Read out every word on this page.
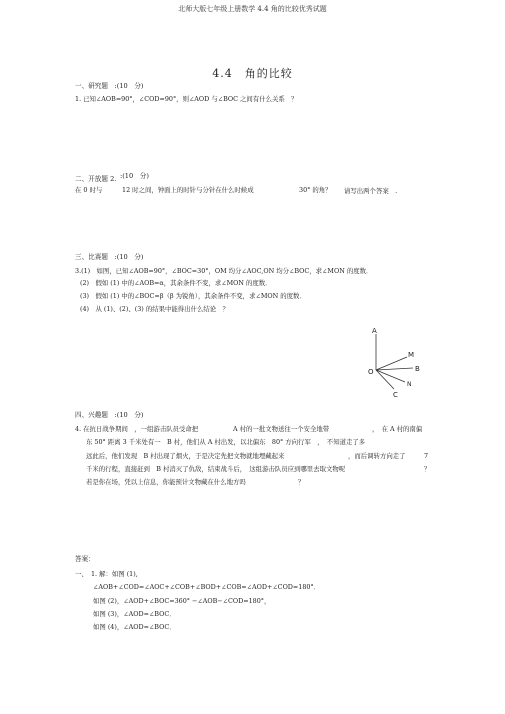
北师大版七年级上册数学 4.4 角的比较优秀试题
4.4　角的比较
一、研究题　:(10　分)
1. 已知∠AOB=90°，∠COD=90°，则∠AOD 与∠BOC 之间有什么关系　？
二、开放题 2. :(10　分)
在 0 时与	12 时之间，钟面上的时针与分针在什么时候成	30° 的角？ 请写出两个答案　.
三、比赛题　:(10　分)
3.(1)　如图，已知∠AOB=90°，∠BOC=30°，OM 均分∠AOC,ON 均分∠BOC，求∠MON 的度数．
(2)　假如 (1) 中的∠AOB=α，其余条件不变，求∠MON 的度数．
(3)　假如 (1) 中的∠BOC=β（β 为锐角），其余条件不变，求∠MON 的度数．
(4)　从 (1)、(2)、(3) 的结果中能得出什么结论　？
A
M
O	B
N
C
四、兴趣题　:(10　分)
4. 在抗日战争期间　，一组游击队员受命把	A 村的一批文物送往一个安全地带	，　在 A 村的南偏
东 50° 距离 3 千米处有一　B 村，他们从 A 村出发，以北偏东　80° 方向行军　，　不知道走了多
远此后，他们发现　B 村出现了烟火，于是决定先把文物就地埋藏起来	，而后调转方向走了	7
千米的行程，直接赶到　B 村消灭了仇敌，结束战斗后，　这组游击队员应到哪里去取文物呢	？
若是你在场，凭以上信息，你能预计文物藏在什么地方吗	？
答案：
一、　1. 解：如图 (1),
∠AOB+∠COD=∠AOC+∠COB+∠BOD+∠COB=∠AOD+∠COD=180°．
如图 (2)，∠AOD+∠BOC=360° −∠AOB−∠COD=180°，
如图 (3)，∠AOD=∠BOC．
如图 (4)，∠AOD=∠BOC．
